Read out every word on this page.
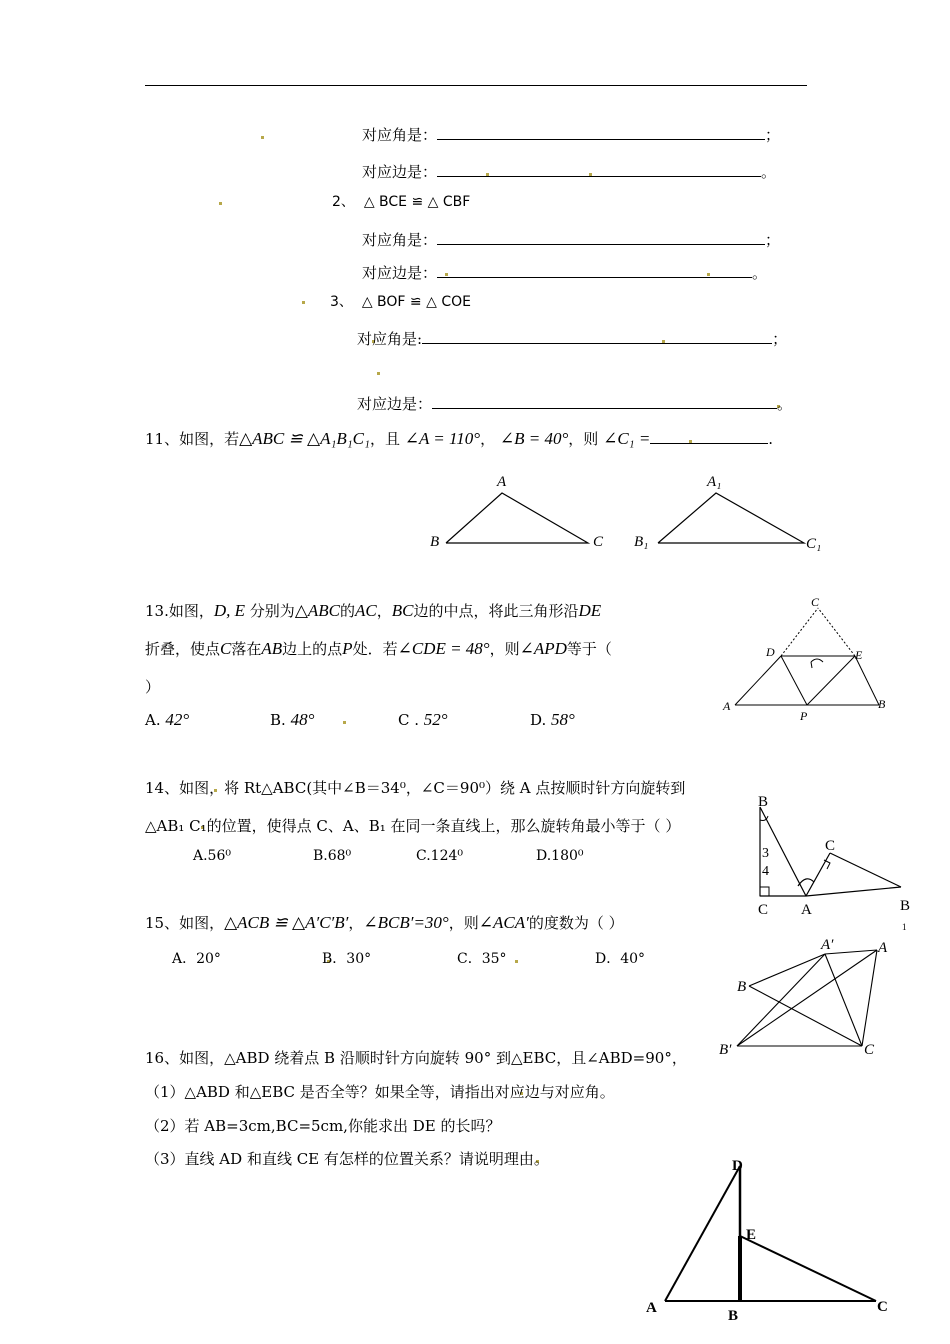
对应角是：	；
对应边是：	。
2、 △ BCE ≌ △ CBF
对应角是：	；
对应边是：	。
3、 △ BOF ≌ △ COE
对应角是:	；
对应边是：	。
11、如图，若△ABC ≌ △A₁B₁C₁，且 ∠A = 110°， ∠B = 40°，则 ∠C₁ =	.
A
B	C
A₁
B₁	C₁
13.如图，D, E 分别为△ABC的AC，BC边的中点，将此三角形沿DE
折叠，使点C落在AB边上的点P处．若∠CDE = 48°，则∠APD等于（
）
A. 42°	B. 48°	C . 52°	D. 58°
C
D	E
A
P
B
14、如图，将 Rt△ABC(其中∠B＝34⁰，∠C＝90⁰）绕 A 点按顺时针方向旋转到
△AB₁ C₁的位置，使得点 C、A、B₁ 在同一条直线上，那么旋转角最小等于（ ）
A.56⁰	B.68⁰	C.124⁰	D.180⁰
B
3
4
C A
C
B
1
15、如图，△ACB ≌ △A′C′B′，∠BCB′=30°，则∠ACA′的度数为（ ）
A．20°	B．30°	C．35°	D．40°
A′	A
B
B′	C
16、如图，△ABD 绕着点 B 沿顺时针方向旋转 90° 到△EBC，且∠ABD=90°，
（1）△ABD 和△EBC 是否全等？如果全等，请指出对应边与对应角。
（2）若 AB=3cm,BC=5cm,你能求出 DE 的长吗？
（3）直线 AD 和直线 CE 有怎样的位置关系？请说明理由。	D
E
A	B
C
